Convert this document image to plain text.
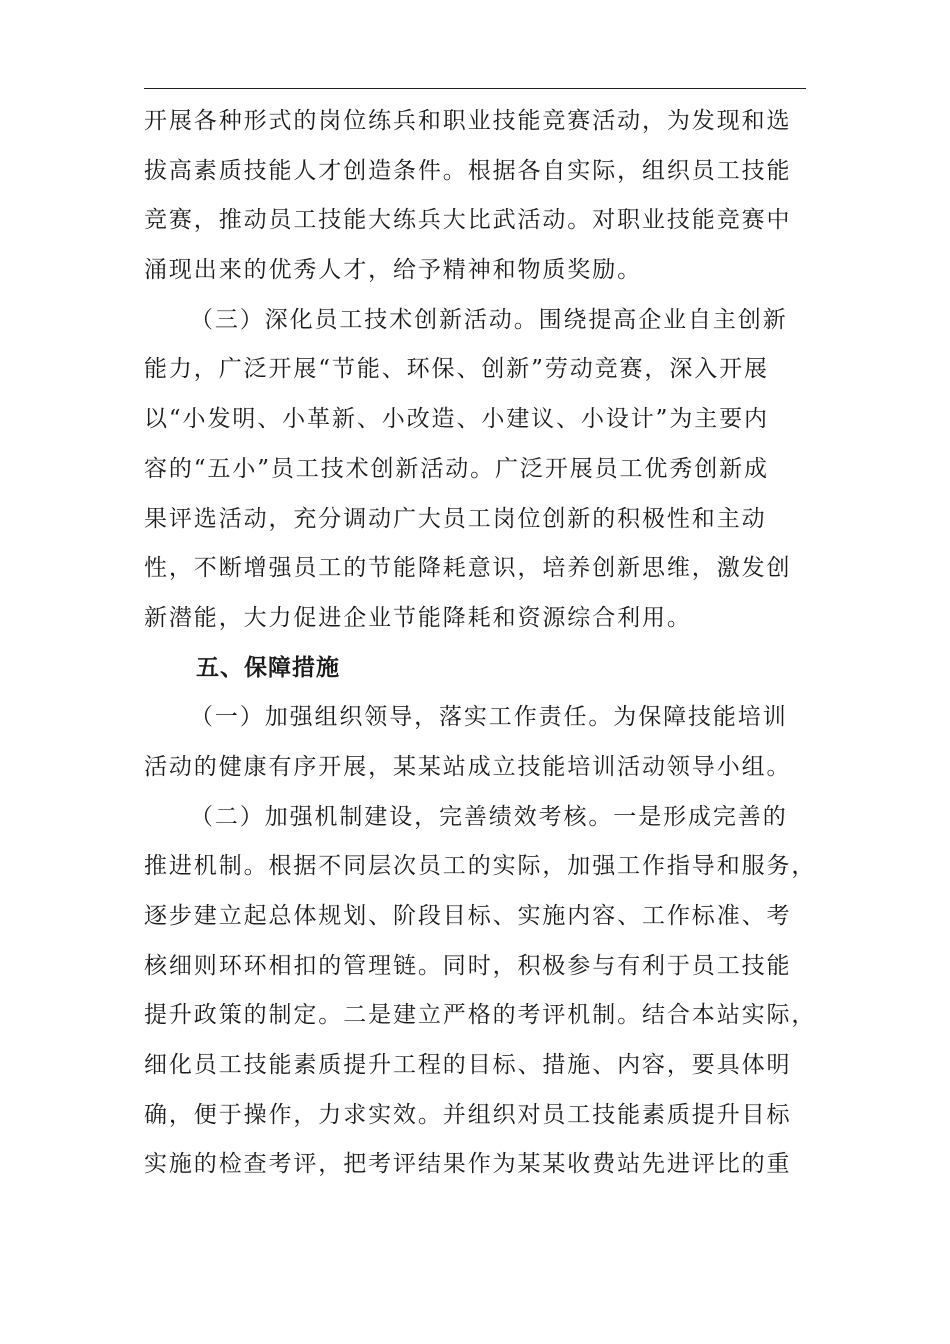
开展各种形式的岗位练兵和职业技能竞赛活动，为发现和选
拔高素质技能人才创造条件。根据各自实际，组织员工技能
竞赛，推动员工技能大练兵大比武活动。对职业技能竞赛中
涌现出来的优秀人才，给予精神和物质奖励。
（三）深化员工技术创新活动。围绕提高企业自主创新
能力，广泛开展“节能、环保、创新”劳动竞赛，深入开展
以“小发明、小革新、小改造、小建议、小设计”为主要内
容的“五小”员工技术创新活动。广泛开展员工优秀创新成
果评选活动，充分调动广大员工岗位创新的积极性和主动
性，不断增强员工的节能降耗意识，培养创新思维，激发创
新潜能，大力促进企业节能降耗和资源综合利用。
五、保障措施
（一）加强组织领导，落实工作责任。为保障技能培训
活动的健康有序开展，某某站成立技能培训活动领导小组。
（二）加强机制建设，完善绩效考核。一是形成完善的
推进机制。根据不同层次员工的实际，加强工作指导和服务，
逐步建立起总体规划、阶段目标、实施内容、工作标准、考
核细则环环相扣的管理链。同时，积极参与有利于员工技能
提升政策的制定。二是建立严格的考评机制。结合本站实际，
细化员工技能素质提升工程的目标、措施、内容，要具体明
确，便于操作，力求实效。并组织对员工技能素质提升目标
实施的检查考评，把考评结果作为某某收费站先进评比的重
